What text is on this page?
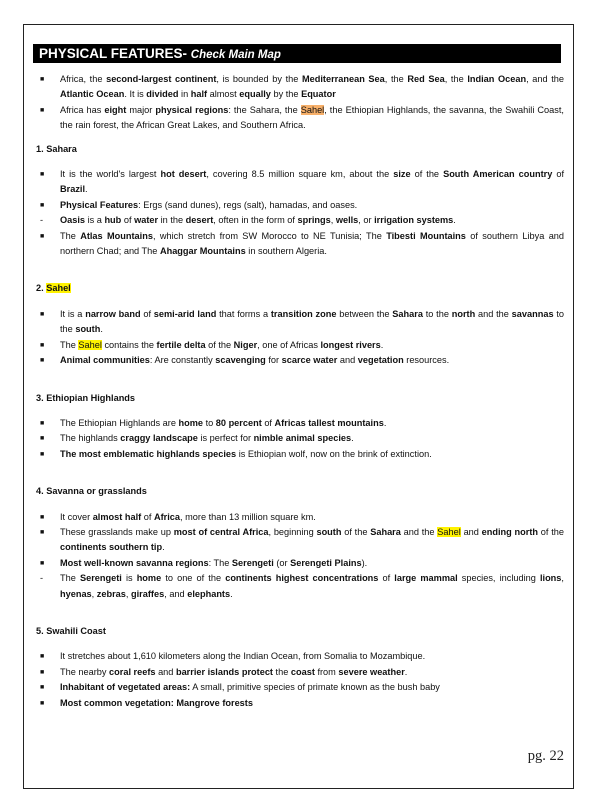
PHYSICAL FEATURES- Check Main Map
■ Africa, the second-largest continent, is bounded by the Mediterranean Sea, the Red Sea, the Indian Ocean, and the Atlantic Ocean. It is divided in half almost equally by the Equator
■ Africa has eight major physical regions: the Sahara, the Sahel, the Ethiopian Highlands, the savanna, the Swahili Coast, the rain forest, the African Great Lakes, and Southern Africa.

1. Sahara

■ It is the world's largest hot desert, covering 8.5 million square km, about the size of the South American country of Brazil.
■ Physical Features: Ergs (sand dunes), regs (salt), hamadas, and oases.
- Oasis is a hub of water in the desert, often in the form of springs, wells, or irrigation systems.
■ The Atlas Mountains, which stretch from SW Morocco to NE Tunisia; The Tibesti Mountains of southern Libya and northern Chad; and The Ahaggar Mountains in southern Algeria.

2. Sahel

■ It is a narrow band of semi-arid land that forms a transition zone between the Sahara to the north and the savannas to the south.
■ The Sahel contains the fertile delta of the Niger, one of Africas longest rivers.
■ Animal communities: Are constantly scavenging for scarce water and vegetation resources.

3. Ethiopian Highlands

■ The Ethiopian Highlands are home to 80 percent of Africas tallest mountains.
■ The highlands craggy landscape is perfect for nimble animal species.
■ The most emblematic highlands species is Ethiopian wolf, now on the brink of extinction.

4. Savanna or grasslands

■ It cover almost half of Africa, more than 13 million square km.
■ These grasslands make up most of central Africa, beginning south of the Sahara and the Sahel and ending north of the continents southern tip.
■ Most well-known savanna regions: The Serengeti (or Serengeti Plains).
- The Serengeti is home to one of the continents highest concentrations of large mammal species, including lions, hyenas, zebras, giraffes, and elephants.

5. Swahili Coast

■ It stretches about 1,610 kilometers along the Indian Ocean, from Somalia to Mozambique.
■ The nearby coral reefs and barrier islands protect the coast from severe weather.
■ Inhabitant of vegetated areas: A small, primitive species of primate known as the bush baby
■ Most common vegetation: Mangrove forests
pg. 22
